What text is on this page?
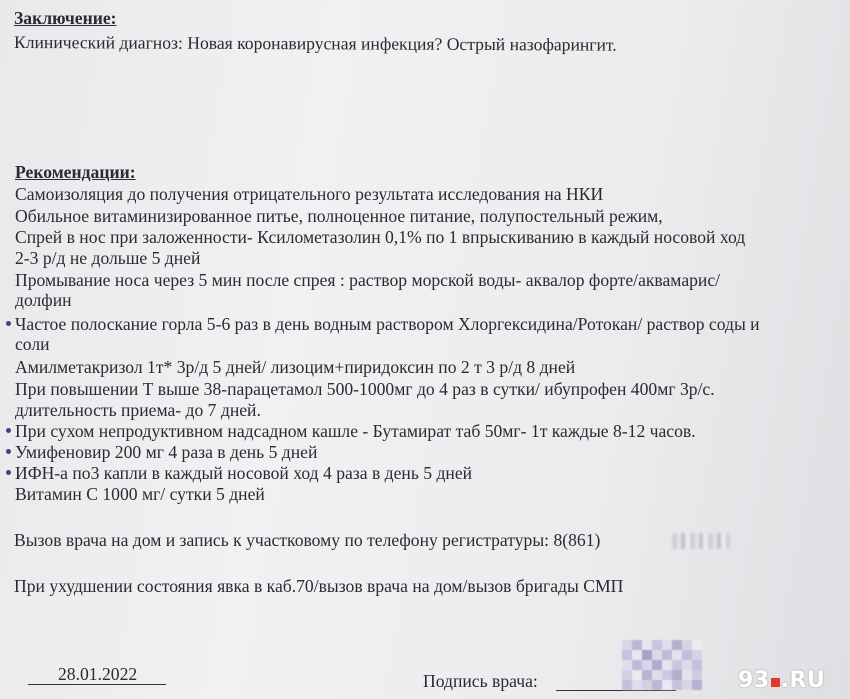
Заключение:
Клинический диагноз: Новая коронавирусная инфекция? Острый назофарингит.
Рекомендации:
Самоизоляция до получения отрицательного результата исследования на НКИ
Обильное витаминизированное питье, полноценное питание, полупостельный режим,
Спрей в нос при заложенности- Ксилометазолин 0,1% по 1 впрыскиванию в каждый носовой ход
2-3 р/д не дольше 5 дней
Промывание носа через 5 мин после спрея : раствор морской воды- аквалор форте/аквамарис/
долфин
Частое полоскание горла 5-6 раз в день водным раствором Хлоргексидина/Ротокан/ раствор соды и
соли
Амилметакризол 1т* 3р/д 5 дней/ лизоцим+пиридоксин по 2 т 3 р/д 8 дней
При повышении Т выше 38-парацетамол 500-1000мг до 4 раз в сутки/ ибупрофен 400мг 3р/с.
длительность приема- до 7 дней.
При сухом непродуктивном надсадном кашле - Бутамират таб 50мг- 1т каждые 8-12 часов.
Умифеновир 200 мг 4 раза в день 5 дней
ИФН-а по3 капли в каждый носовой ход 4 раза в день 5 дней
Витамин С 1000 мг/ сутки 5 дней
Вызов врача на дом и запись к участковому по телефону регистратуры: 8(861)
При ухудшении состояния явка в каб.70/вызов врача на дом/вызов бригады СМП
28.01.2022	Подпись врача:	93 .RU
